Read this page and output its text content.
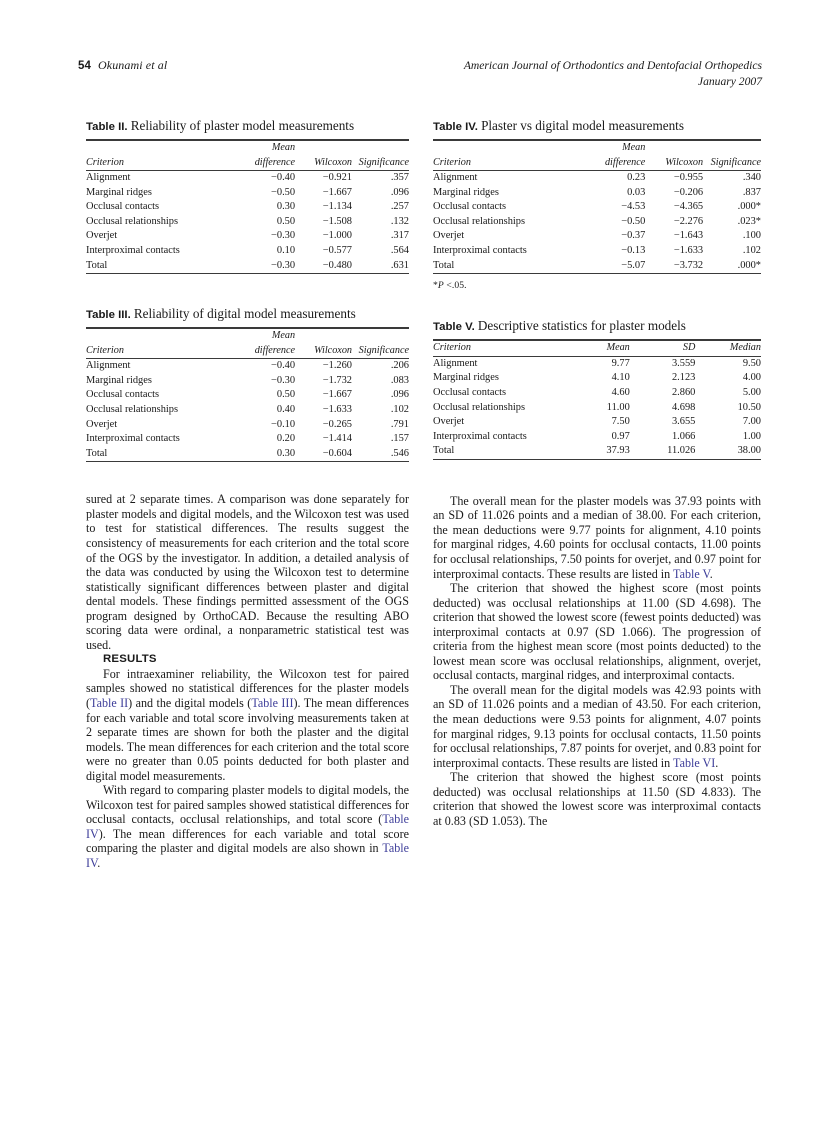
54 Okunami et al	American Journal of Orthodontics and Dentofacial Orthopedics
January 2007
Table II. Reliability of plaster model measurements
	Mean		
Criterion	difference	Wilcoxon	Significance
Alignment	−0.40	−0.921	.357
Marginal ridges	−0.50	−1.667	.096
Occlusal contacts	0.30	−1.134	.257
Occlusal relationships	0.50	−1.508	.132
Overjet	−0.30	−1.000	.317
Interproximal contacts	0.10	−0.577	.564
Total	−0.30	−0.480	.631
Table III. Reliability of digital model measurements
	Mean		
Criterion	difference	Wilcoxon	Significance
Alignment	−0.40	−1.260	.206
Marginal ridges	−0.30	−1.732	.083
Occlusal contacts	0.50	−1.667	.096
Occlusal relationships	0.40	−1.633	.102
Overjet	−0.10	−0.265	.791
Interproximal contacts	0.20	−1.414	.157
Total	0.30	−0.604	.546

sured at 2 separate times. A comparison was done separately for plaster models and digital models, and the Wilcoxon test was used to test for statistical differences. The results suggest the consistency of measurements for each criterion and the total score of the OGS by the investigator. In addition, a detailed analysis of the data was conducted by using the Wilcoxon test to determine statistically significant differences between plaster and digital dental models. These findings permitted assessment of the OGS program designed by OrthoCAD. Because the resulting ABO scoring data were ordinal, a nonparametric statistical test was used.

RESULTS

For intraexaminer reliability, the Wilcoxon test for paired samples showed no statistical differences for the plaster models (Table II) and the digital models (Table III). The mean differences for each variable and total score involving measurements taken at 2 separate times are shown for both the plaster and the digital models. The mean differences for each criterion and the total score were no greater than 0.05 points deducted for both plaster and digital model measurements.

With regard to comparing plaster models to digital models, the Wilcoxon test for paired samples showed statistical differences for occlusal contacts, occlusal relationships, and total score (Table IV). The mean differences for each variable and total score comparing the plaster and digital models are also shown in Table IV.

Table IV. Plaster vs digital model measurements
	Mean		
Criterion	difference	Wilcoxon	Significance
Alignment	0.23	−0.955	.340
Marginal ridges	0.03	−0.206	.837
Occlusal contacts	−4.53	−4.365	.000*
Occlusal relationships	−0.50	−2.276	.023*
Overjet	−0.37	−1.643	.100
Interproximal contacts	−0.13	−1.633	.102
Total	−5.07	−3.732	.000*
*P <.05.
Table V. Descriptive statistics for plaster models
Criterion	Mean	SD	Median
Alignment	9.77	3.559	9.50
Marginal ridges	4.10	2.123	4.00
Occlusal contacts	4.60	2.860	5.00
Occlusal relationships	11.00	4.698	10.50
Overjet	7.50	3.655	7.00
Interproximal contacts	0.97	1.066	1.00
Total	37.93	11.026	38.00

The overall mean for the plaster models was 37.93 points with an SD of 11.026 points and a median of 38.00. For each criterion, the mean deductions were 9.77 points for alignment, 4.10 points for marginal ridges, 4.60 points for occlusal contacts, 11.00 points for occlusal relationships, 7.50 points for overjet, and 0.97 point for interproximal contacts. These results are listed in Table V.

The criterion that showed the highest score (most points deducted) was occlusal relationships at 11.00 (SD 4.698). The criterion that showed the lowest score (fewest points deducted) was interproximal contacts at 0.97 (SD 1.066). The progression of criteria from the highest mean score (most points deducted) to the lowest mean score was occlusal relationships, alignment, overjet, occlusal contacts, marginal ridges, and interproximal contacts.

The overall mean for the digital models was 42.93 points with an SD of 11.026 points and a median of 43.50. For each criterion, the mean deductions were 9.53 points for alignment, 4.07 points for marginal ridges, 9.13 points for occlusal contacts, 11.50 points for occlusal relationships, 7.87 points for overjet, and 0.83 point for interproximal contacts. These results are listed in Table VI.

The criterion that showed the highest score (most points deducted) was occlusal relationships at 11.50 (SD 4.833). The criterion that showed the lowest score was interproximal contacts at 0.83 (SD 1.053). The
